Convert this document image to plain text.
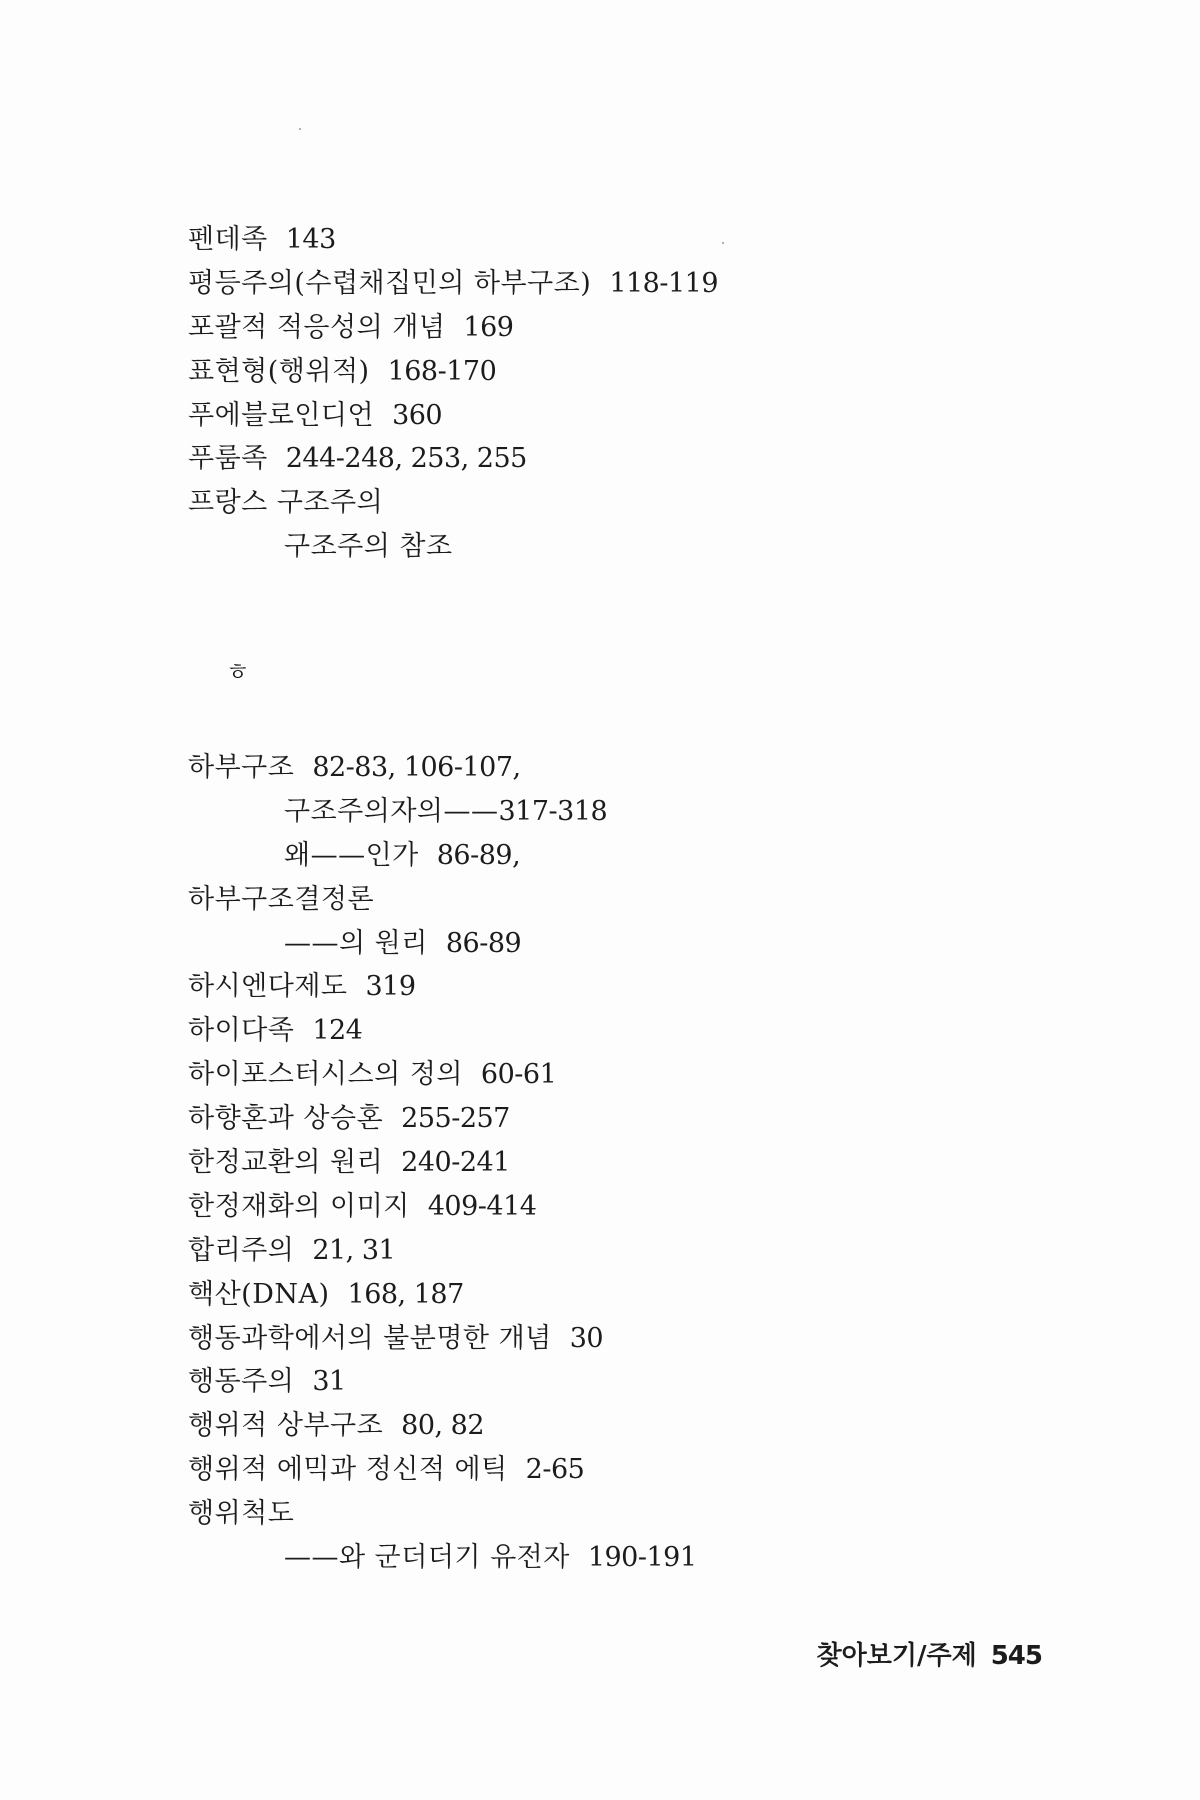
펜데족 143
평등주의(수렵채집민의 하부구조) 118-119
포괄적 적응성의 개념 169
표현형(행위적) 168-170
푸에블로인디언 360
푸룸족 244-248, 253, 255
프랑스 구조주의
구조주의 참조
ㅎ
하부구조 82-83, 106-107,
구조주의자의——317-318
왜——인가 86-89,
하부구조결정론
——의 원리 86-89
하시엔다제도 319
하이다족 124
하이포스터시스의 정의 60-61
하향혼과 상승혼 255-257
한정교환의 원리 240-241
한정재화의 이미지 409-414
합리주의 21, 31
핵산(DNA) 168, 187
행동과학에서의 불분명한 개념 30
행동주의 31
행위적 상부구조 80, 82
행위적 에믹과 정신적 에틱 2-65
행위척도
——와 군더더기 유전자 190-191
찾아보기/주제 545
